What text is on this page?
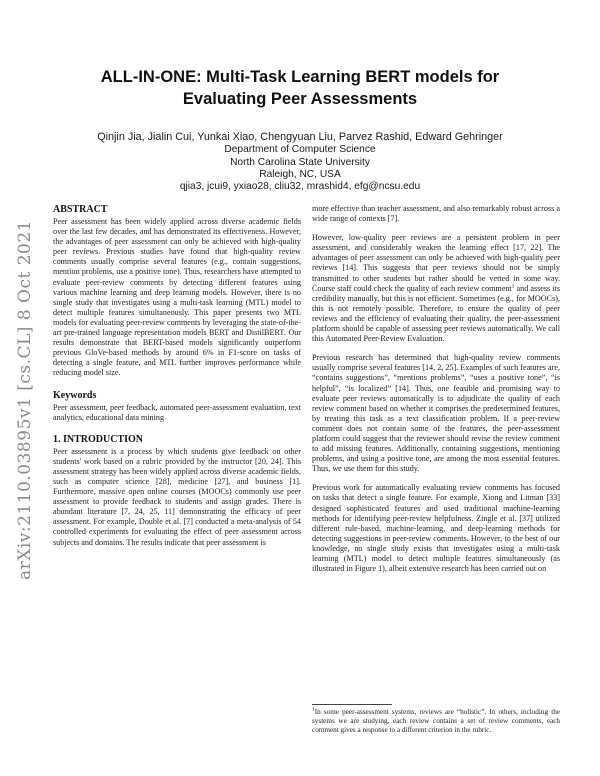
arXiv:2110.03895v1 [cs.CL] 8 Oct 2021
ALL-IN-ONE: Multi-Task Learning BERT models for
Evaluating Peer Assessments
Qinjin Jia, Jialin Cui, Yunkai Xiao, Chengyuan Liu, Parvez Rashid, Edward Gehringer
Department of Computer Science
North Carolina State University
Raleigh, NC, USA
qjia3, jcui9, yxiao28, cliu32, mrashid4, efg@ncsu.edu
ABSTRACT

Peer assessment has been widely applied across diverse academic fields over the last few decades, and has demonstrated its effectiveness. However, the advantages of peer assessment can only be achieved with high-quality peer reviews. Previous studies have found that high-quality review comments usually comprise several features (e.g., contain suggestions, mention problems, use a positive tone). Thus, researchers have attempted to evaluate peer-review comments by detecting different features using various machine learning and deep learning models. However, there is no single study that investigates using a multi-task learning (MTL) model to detect multiple features simultaneously. This paper presents two MTL models for evaluating peer-review comments by leveraging the state-of-the-art pre-trained language representation models BERT and DistilBERT. Our results demonstrate that BERT-based models significantly outperform previous GloVe-based methods by around 6% in F1-score on tasks of detecting a single feature, and MTL further improves performance while reducing model size.

Keywords

Peer assessment, peer feedback, automated peer-assessment evaluation, text analytics, educational data mining

1. INTRODUCTION

Peer assessment is a process by which students give feedback on other students' work based on a rubric provided by the instructor [20, 24]. This assessment strategy has been widely applied across diverse academic fields, such as computer science [28], medicine [27], and business [1]. Furthermore, massive open online courses (MOOCs) commonly use peer assessment to provide feedback to students and assign grades. There is abundant literature [7, 24, 25, 11] demonstrating the efficacy of peer assessment. For example, Double et al. [7] conducted a meta-analysis of 54 controlled experiments for evaluating the effect of peer assessment across subjects and domains. The results indicate that peer assessment is

more effective than teacher assessment, and also remarkably robust across a wide range of contexts [7].

However, low-quality peer reviews are a persistent problem in peer assessment, and considerably weaken the learning effect [17, 22]. The advantages of peer assessment can only be achieved with high-quality peer reviews [14]. This suggests that peer reviews should not be simply transmitted to other students but rather should be vetted in some way. Course staff could check the quality of each review comment$^1$ and assess its credibility manually, but this is not efficient. Sometimes (e.g., for MOOCs), this is not remotely possible. Therefore, to ensure the quality of peer reviews and the efficiency of evaluating their quality, the peer-assessment platform should be capable of assessing peer reviews automatically. We call this Automated Peer-Review Evaluation.

Previous research has determined that high-quality review comments usually comprise several features [14, 2, 25]. Examples of such features are, “contains suggestions”, “mentions problems”, “uses a positive tone”, “is helpful”, “is localized” [14]. Thus, one feasible and promising way to evaluate peer reviews automatically is to adjudicate the quality of each review comment based on whether it comprises the predetermined features, by treating this task as a text classification problem. If a peer-review comment does not contain some of the features, the peer-assessment platform could suggest that the reviewer should revise the review comment to add missing features. Additionally, containing suggestions, mentioning problems, and using a positive tone, are among the most essential features. Thus, we use them for this study.

Previous work for automatically evaluating review comments has focused on tasks that detect a single feature. For example, Xiong and Litman [33] designed sophisticated features and used traditional machine-learning methods for identifying peer-review helpfulness. Zingle et al. [37] utilized different rule-based, machine-learning, and deep-learning methods for detecting suggestions in peer-review comments. However, to the best of our knowledge, no single study exists that investigates using a multi-task learning (MTL) model to detect multiple features simultaneously (as illustrated in Figure 1), albeit extensive research has been carried out on

$^1$In some peer-assessment systems, reviews are “holistic”. In others, including the systems we are studying, each review contains a set of review comments, each comment gives a response to a different criterion in the rubric.
